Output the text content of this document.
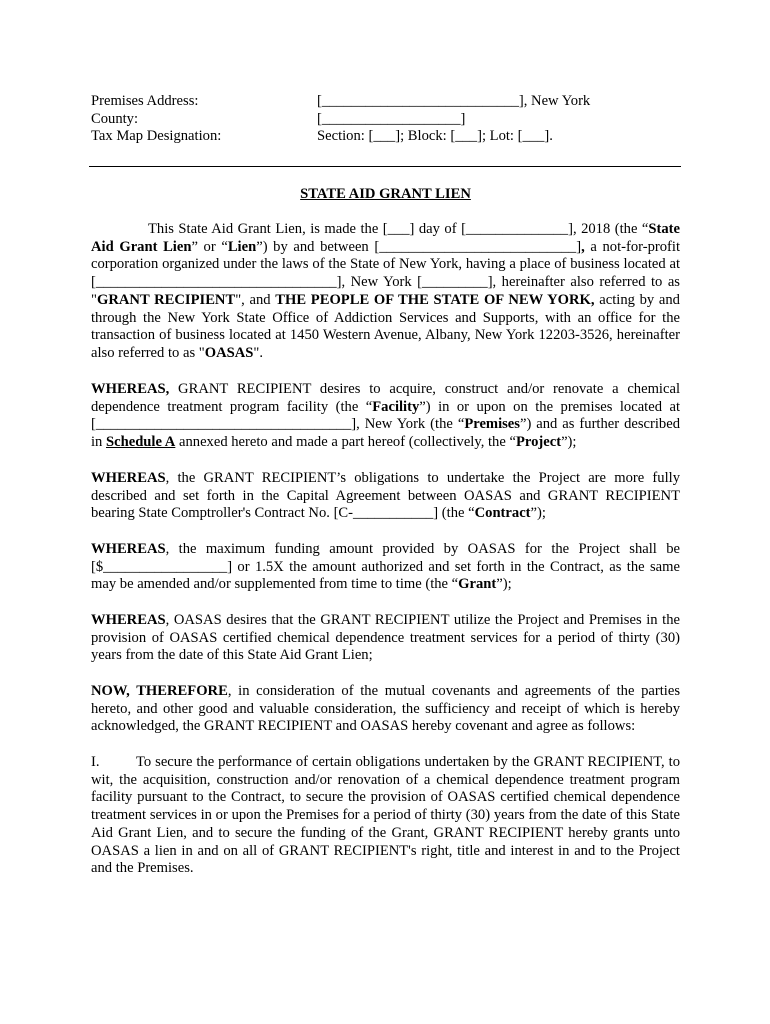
Premises Address:	[___________________________], New York
County:	[___________________]
Tax Map Designation:	Section: [___]; Block: [___]; Lot: [___].
STATE AID GRANT LIEN

This State Aid Grant Lien, is made the [___] day of [______________], 2018 (the “State Aid Grant Lien” or “Lien”) by and between [___________________________], a not-for-profit corporation organized under the laws of the State of New York, having a place of business located at [_________________________________], New York [_________], hereinafter also referred to as "GRANT RECIPIENT", and THE PEOPLE OF THE STATE OF NEW YORK, acting by and through the New York State Office of Addiction Services and Supports, with an office for the transaction of business located at 1450 Western Avenue, Albany, New York 12203-3526, hereinafter also referred to as "OASAS".

WHEREAS, GRANT RECIPIENT desires to acquire, construct and/or renovate a chemical dependence treatment program facility (the “Facility”) in or upon on the premises located at [___________________________________], New York (the “Premises”) and as further described in Schedule A annexed hereto and made a part hereof (collectively, the “Project”);

WHEREAS, the GRANT RECIPIENT’s obligations to undertake the Project are more fully described and set forth in the Capital Agreement between OASAS and GRANT RECIPIENT bearing State Comptroller's Contract No. [C-___________] (the “Contract”);

WHEREAS, the maximum funding amount provided by OASAS for the Project shall be [$_________________] or 1.5X the amount authorized and set forth in the Contract, as the same may be amended and/or supplemented from time to time (the “Grant”);

WHEREAS, OASAS desires that the GRANT RECIPIENT utilize the Project and Premises in the provision of OASAS certified chemical dependence treatment services for a period of thirty (30) years from the date of this State Aid Grant Lien;

NOW, THEREFORE, in consideration of the mutual covenants and agreements of the parties hereto, and other good and valuable consideration, the sufficiency and receipt of which is hereby acknowledged, the GRANT RECIPIENT and OASAS hereby covenant and agree as follows:

I. To secure the performance of certain obligations undertaken by the GRANT RECIPIENT, to wit, the acquisition, construction and/or renovation of a chemical dependence treatment program facility pursuant to the Contract, to secure the provision of OASAS certified chemical dependence treatment services in or upon the Premises for a period of thirty (30) years from the date of this State Aid Grant Lien, and to secure the funding of the Grant, GRANT RECIPIENT hereby grants unto OASAS a lien in and on all of GRANT RECIPIENT's right, title and interest in and to the Project and the Premises.
